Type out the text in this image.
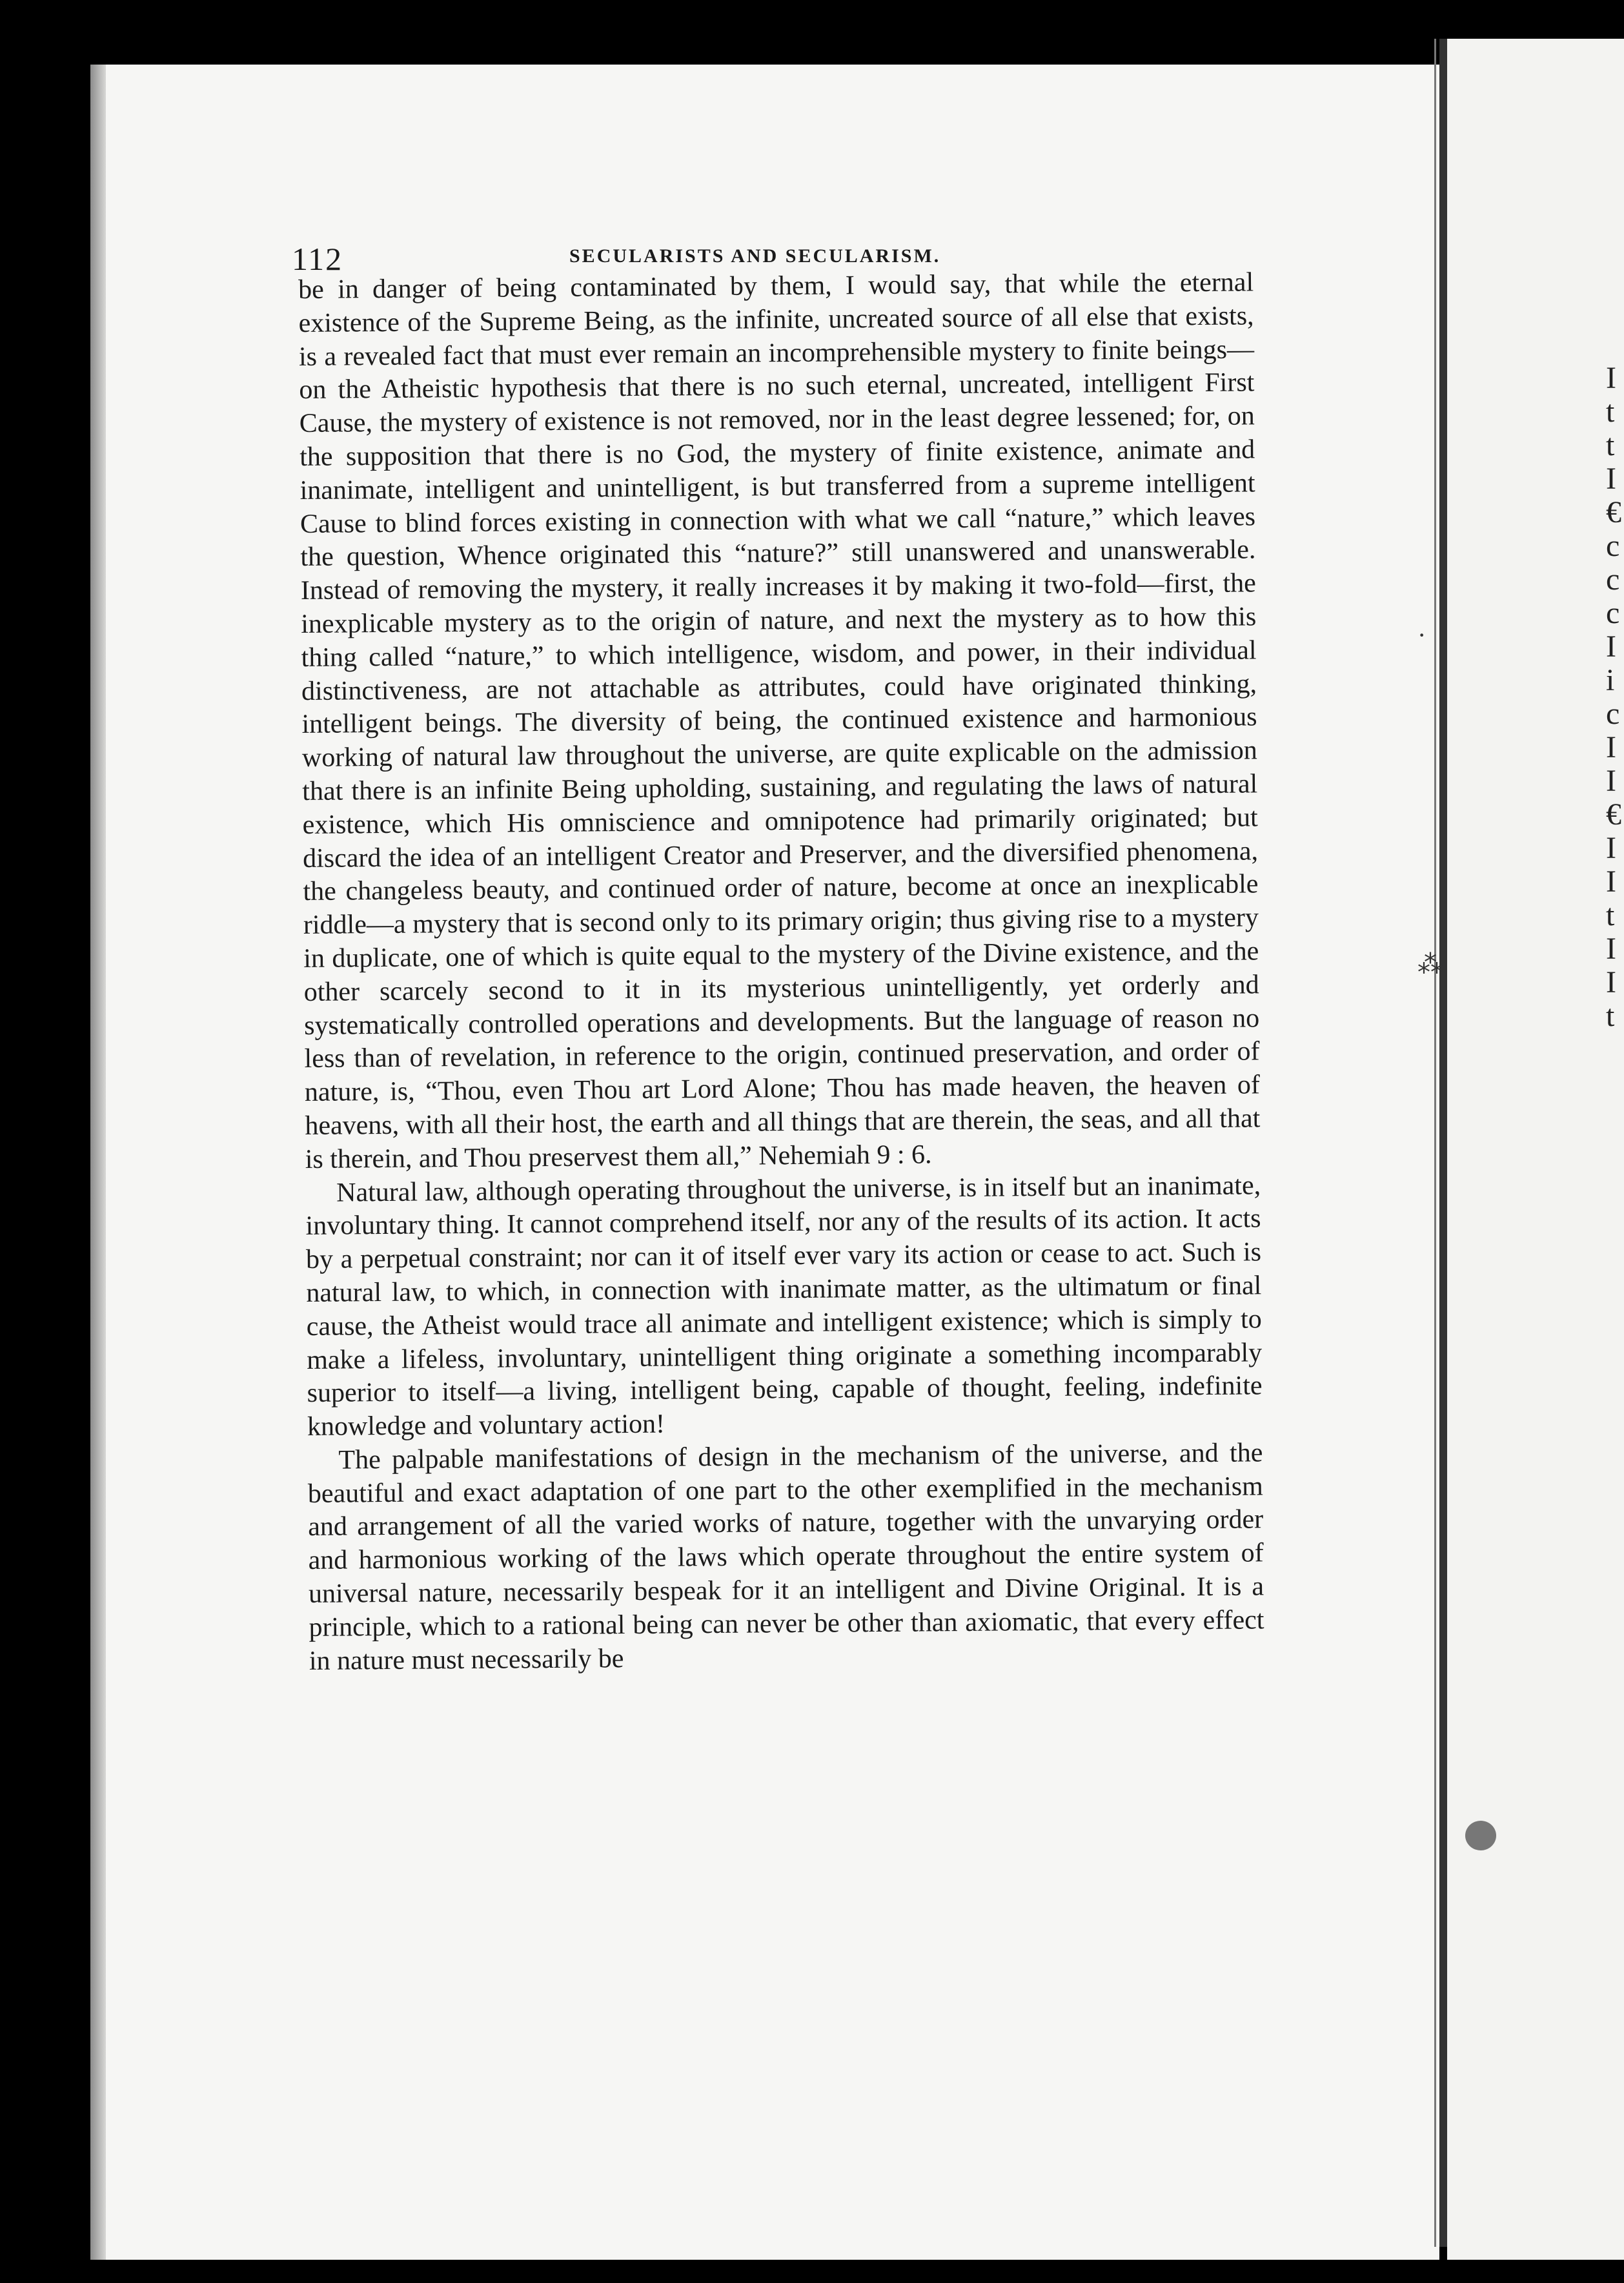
I
t
t
I
€
c
c
c
I
i
c
I
I
€
I
I
t
I
I
t
·
⁂
112	SECULARISTS AND SECULARISM.

be in danger of being contaminated by them, I would say, that while the eternal existence of the Supreme Being, as the infinite, uncreated source of all else that exists, is a revealed fact that must ever remain an incomprehensible mystery to finite beings—on the Atheistic hypothesis that there is no such eternal, uncreated, intelligent First Cause, the mystery of existence is not removed, nor in the least degree lessened; for, on the supposition that there is no God, the mystery of finite existence, animate and inanimate, intelligent and unintelligent, is but transferred from a supreme intelligent Cause to blind forces existing in connection with what we call “nature,” which leaves the question, Whence originated this “nature?” still unanswered and unanswerable. Instead of removing the mystery, it really increases it by making it two-fold—first, the inexplicable mystery as to the origin of nature, and next the mystery as to how this thing called “nature,” to which intelligence, wisdom, and power, in their individual distinctiveness, are not attachable as attributes, could have originated thinking, intelligent beings. The diversity of being, the continued existence and harmonious working of natural law throughout the universe, are quite explicable on the admission that there is an infinite Being upholding, sustaining, and regulating the laws of natural existence, which His omniscience and omnipotence had primarily originated; but discard the idea of an intelligent Creator and Preserver, and the diversified phenomena, the changeless beauty, and continued order of nature, become at once an inexplicable riddle—a mystery that is second only to its primary origin; thus giving rise to a mystery in duplicate, one of which is quite equal to the mystery of the Divine existence, and the other scarcely second to it in its mysterious unintelligently, yet orderly and systematically controlled operations and developments. But the language of reason no less than of revelation, in reference to the origin, continued preservation, and order of nature, is, “Thou, even Thou art Lord Alone; Thou has made heaven, the heaven of heavens, with all their host, the earth and all things that are therein, the seas, and all that is therein, and Thou preservest them all,” Nehemiah 9 : 6.

Natural law, although operating throughout the universe, is in itself but an inanimate, involuntary thing. It cannot comprehend itself, nor any of the results of its action. It acts by a perpetual constraint; nor can it of itself ever vary its action or cease to act. Such is natural law, to which, in connection with inanimate matter, as the ultimatum or final cause, the Atheist would trace all animate and intelligent existence; which is simply to make a lifeless, involuntary, unintelligent thing originate a something incomparably superior to itself—a living, intelligent being, capable of thought, feeling, indefinite knowledge and voluntary action!

The palpable manifestations of design in the mechanism of the universe, and the beautiful and exact adaptation of one part to the other exemplified in the mechanism and arrangement of all the varied works of nature, together with the unvarying order and harmonious working of the laws which operate throughout the entire system of universal nature, necessarily bespeak for it an intelligent and Divine Original. It is a principle, which to a rational being can never be other than axiomatic, that every effect in nature must necessarily be
